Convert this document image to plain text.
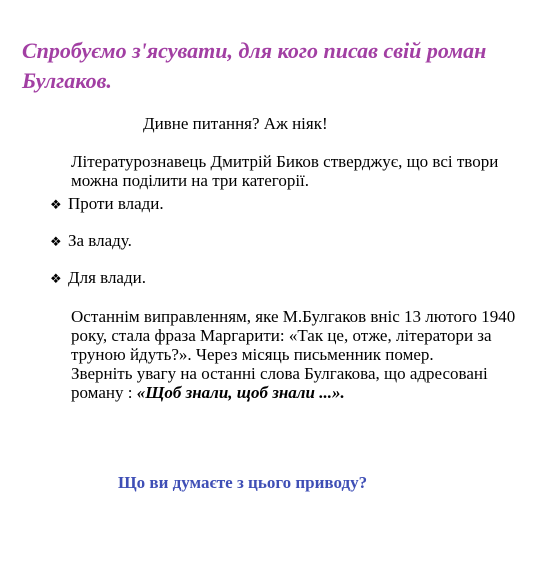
Спробуємо з'ясувати, для кого писав свій роман Булгаков.

Дивне питання? Аж ніяк!

Літературознавець Дмитрій Биков стверджує, що всі твори можна поділити на три категорії.

❖ Проти влади.
❖ За владу.
❖ Для влади.
Останнім виправленням, яке М.Булгаков вніс 13 лютого 1940 року, стала фраза Маргарити: «Так це, отже, літератори за труною йдуть?». Через місяць письменник помер.
Зверніть увагу на останні слова Булгакова, що адресовані роману : «Щоб знали, щоб знали ...».

Що ви думаєте з цього приводу?
